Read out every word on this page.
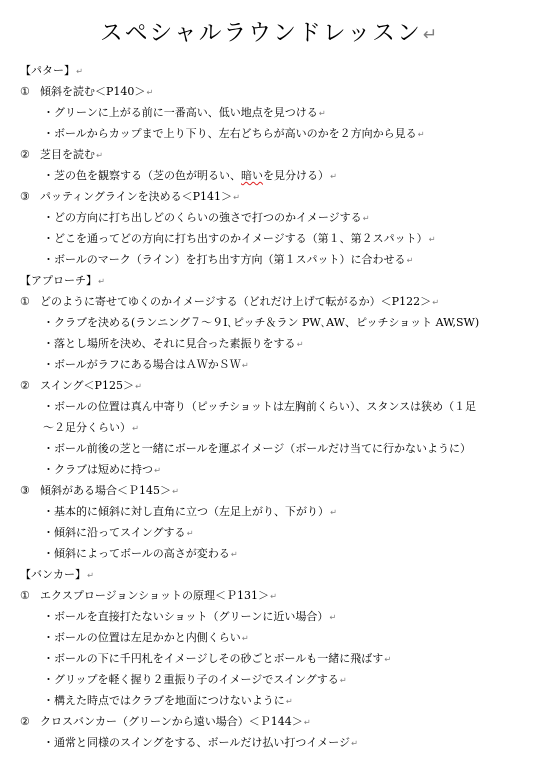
スペシャルラウンドレッスン↵
【パター】↵
① 傾斜を読む＜P140＞↵
・グリーンに上がる前に一番高い、低い地点を見つける↵
・ボールからカップまで上り下り、左右どちらが高いのかを２方向から見る↵
② 芝目を読む↵
・芝の色を観察する（芝の色が明るい、暗いを見分ける）↵
③ パッティングラインを決める＜P141＞↵
・どの方向に打ち出しどのくらいの強さで打つのかイメージする↵
・どこを通ってどの方向に打ち出すのかイメージする（第１、第２スパット）↵
・ボールのマーク（ライン）を打ち出す方向（第１スパット）に合わせる↵
【アプローチ】↵
① どのように寄せてゆくのかイメージする（どれだけ上げて転がるか）＜P122＞↵
・クラブを決める(ランニング７～９I､ピッチ＆ラン PW､AW、ピッチショット AW,SW)
・落とし場所を決め、それに見合った素振りをする↵
・ボールがラフにある場合はＡＷかＳＷ↵
② スイング＜P125＞↵
・ボールの位置は真ん中寄り（ピッチショットは左胸前くらい）、スタンスは狭め（１足
～２足分くらい）↵
・ボール前後の芝と一緒にボールを運ぶイメージ（ボールだけ当てに行かないように）
・クラブは短めに持つ↵
③ 傾斜がある場合＜Ｐ145＞↵
・基本的に傾斜に対し直角に立つ（左足上がり、下がり）↵
・傾斜に沿ってスイングする↵
・傾斜によってボールの高さが変わる↵
【バンカー】↵
① エクスプロージョンショットの原理＜Ｐ131＞↵
・ボールを直接打たないショット（グリーンに近い場合）↵
・ボールの位置は左足かかと内側くらい↵
・ボールの下に千円札をイメージしその砂ごとボールも一緒に飛ばす↵
・グリップを軽く握り２重振り子のイメージでスイングする↵
・構えた時点ではクラブを地面につけないように↵
② クロスバンカー（グリーンから遠い場合）＜Ｐ144＞↵
・通常と同様のスイングをする、ボールだけ払い打つイメージ↵
